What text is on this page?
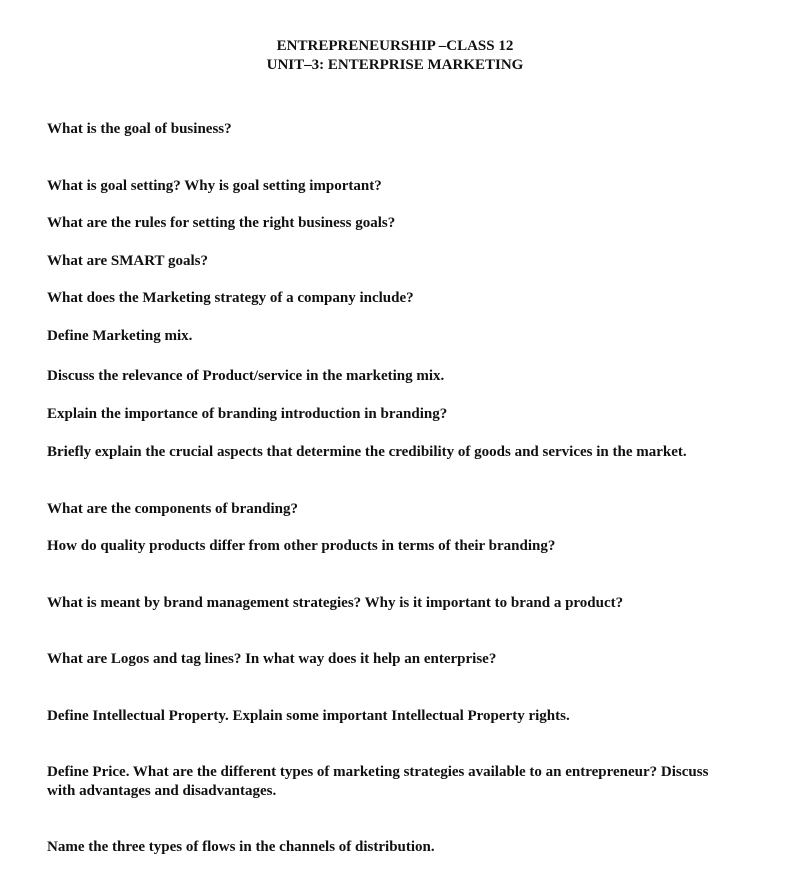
ENTREPRENEURSHIP –CLASS 12
UNIT–3: ENTERPRISE MARKETING

What is the goal of business?

What is goal setting? Why is goal setting important?

What are the rules for setting the right business goals?

What are SMART goals?

What does the Marketing strategy of a company include?

Define Marketing mix.

Discuss the relevance of Product/service in the marketing mix.

Explain the importance of branding introduction in branding?

Briefly explain the crucial aspects that determine the credibility of goods and services in the market.

What are the components of branding?

How do quality products differ from other products in terms of their branding?

What is meant by brand management strategies? Why is it important to brand a product?

What are Logos and tag lines? In what way does it help an enterprise?

Define Intellectual Property. Explain some important Intellectual Property rights.

Define Price. What are the different types of marketing strategies available to an entrepreneur? Discuss with advantages and disadvantages.

Name the three types of flows in the channels of distribution.
